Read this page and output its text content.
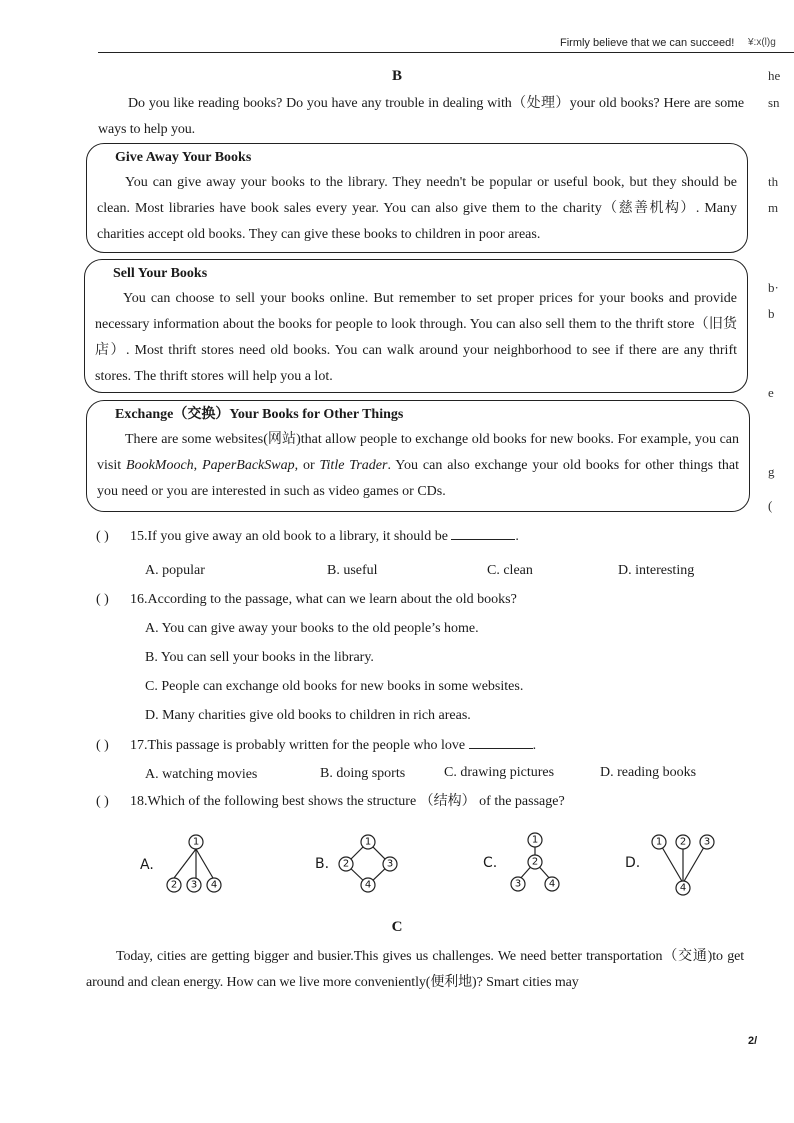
Firmly believe that we can succeed! ¥:x(l)g
he
sn
th
m
b·
b
e
g
(
B
Do you like reading books? Do you have any trouble in dealing with（处理）your old books? Here are some ways to help you.
Give Away Your Books
You can give away your books to the library. They needn't be popular or useful book, but they should be clean. Most libraries have book sales every year. You can also give them to the charity（慈善机构）. Many charities accept old books. They can give these books to children in poor areas.
Sell Your Books
You can choose to sell your books online. But remember to set proper prices for your books and provide necessary information about the books for people to look through. You can also sell them to the thrift store（旧货店）. Most thrift stores need old books. You can walk around your neighborhood to see if there are any thrift stores. The thrift stores will help you a lot.
Exchange（交换）Your Books for Other Things
There are some websites(网站)that allow people to exchange old books for new books. For example, you can visit BookMooch, PaperBackSwap, or Title Trader. You can also exchange your old books for other things that you need or you are interested in such as video games or CDs.
( ) 15.If you give away an old book to a library, it should be	.
A. popular	B. useful	C. clean	D. interesting
( ) 16.According to the passage, what can we learn about the old books?
A. You can give away your books to the old people’s home.
B. You can sell your books in the library.
C. People can exchange old books for new books in some websites.
D. Many charities give old books to children in rich areas.
( ) 17.This passage is probably written for the people who love	.
A. watching movies	B. doing sports	C. drawing pictures	D. reading books
( ) 18.Which of the following best shows the structure （结构） of the passage?
A.
1
2 3 4
B.
1
2	3
4
C.
1
2
3	4
D.
1 2 3
4
C
Today, cities are getting bigger and busier.This gives us challenges. We need better transportation（交通)to get around and clean energy. How can we live more conveniently(便利地)? Smart cities may
2/
